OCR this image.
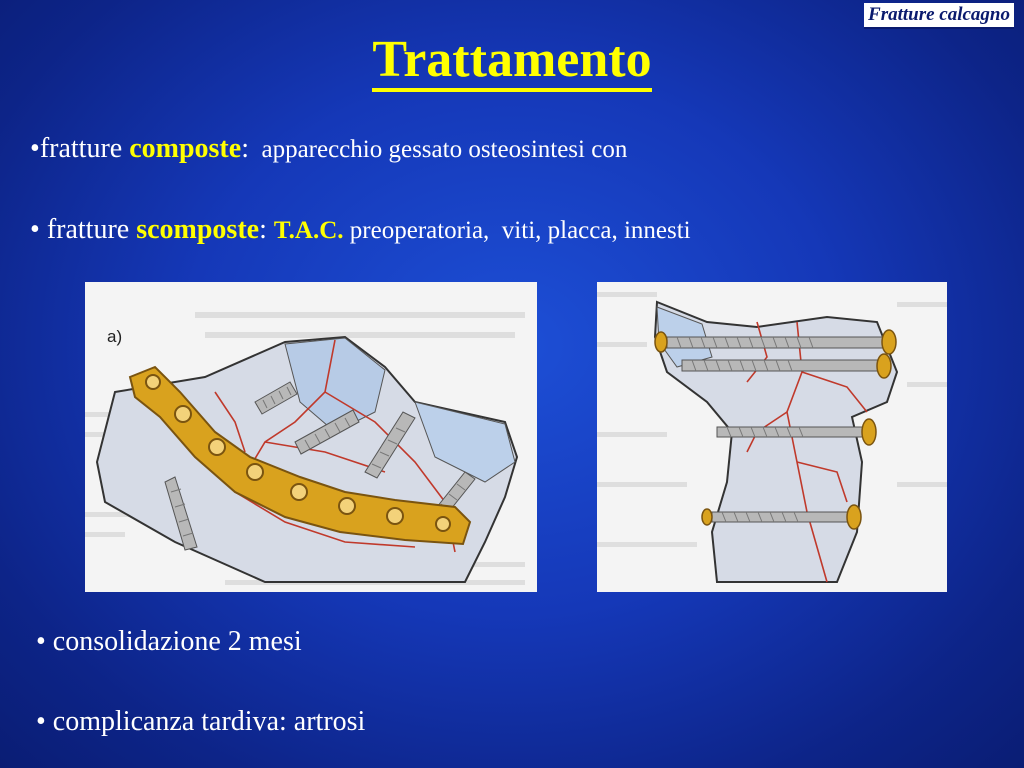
Fratture calcagno
Trattamento
•fratture composte:  apparecchio gessato osteosintesi con
• fratture scomposte: T.A.C. preoperatoria,  viti, placca, innesti
a)
• consolidazione 2 mesi
• complicanza tardiva: artrosi
